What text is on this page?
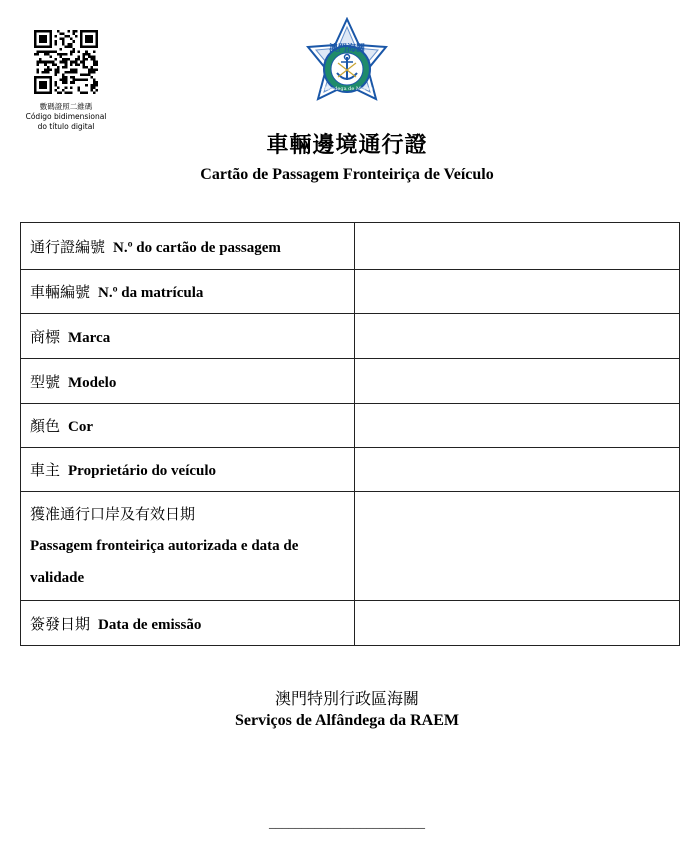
數碼證照二維碼
Código bidimensional
do título digital
澳門海關
Alfândega de Macau
車輛邊境通行證
Cartão de Passagem Fronteiriça de Veículo
通行證編號 N.º do cartão de passagem	
車輛編號 N.º da matrícula	
商標 Marca	
型號 Modelo	
顏色 Cor	
車主 Proprietário do veículo	

獲准通行口岸及有效日期
Passagem fronteiriça autorizada e data de validade	

簽發日期 Data de emissão	
澳門特別行政區海關
Serviços de Alfândega da RAEM
________________________
